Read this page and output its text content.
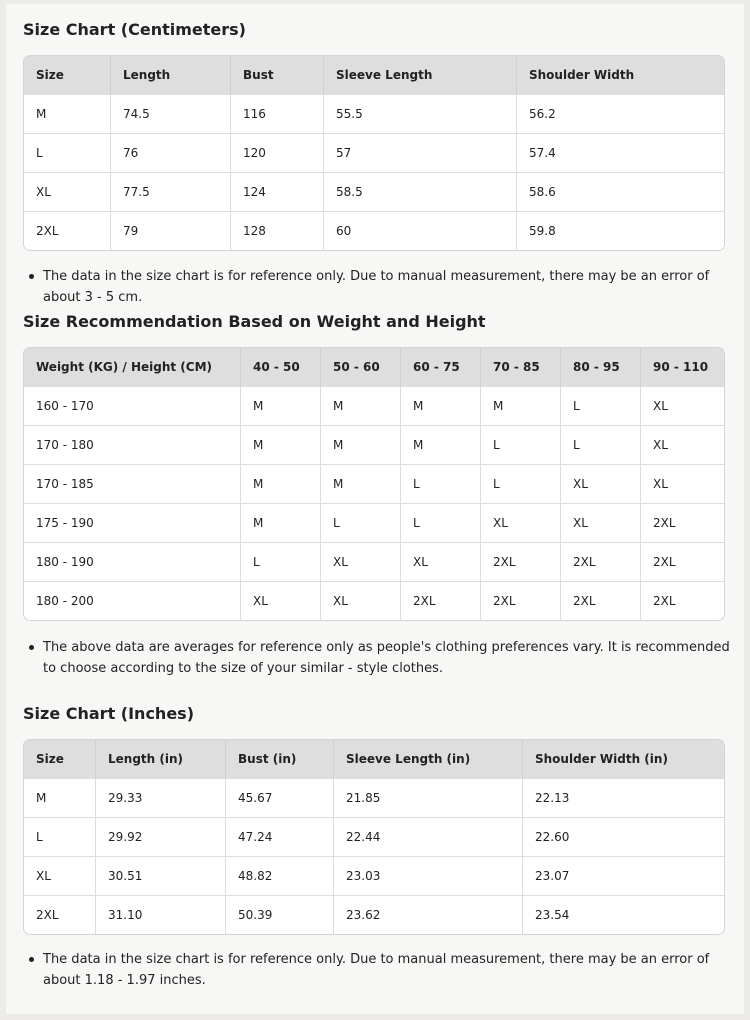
Size Chart (Centimeters)
Size	Length	Bust	Sleeve Length	Shoulder Width
M	74.5	116	55.5	56.2
L	76	120	57	57.4
XL	77.5	124	58.5	58.6
2XL	79	128	60	59.8

The data in the size chart is for reference only. Due to manual measurement, there may be an error of about 3 - 5 cm.

Size Recommendation Based on Weight and Height
Weight (KG) / Height (CM)	40 - 50	50 - 60	60 - 75	70 - 85	80 - 95	90 - 110
160 - 170	M	M	M	M	L	XL
170 - 180	M	M	M	L	L	XL
170 - 185	M	M	L	L	XL	XL
175 - 190	M	L	L	XL	XL	2XL
180 - 190	L	XL	XL	2XL	2XL	2XL
180 - 200	XL	XL	2XL	2XL	2XL	2XL

The above data are averages for reference only as people's clothing preferences vary. It is recommended to choose according to the size of your similar - style clothes.

Size Chart (Inches)
Size	Length (in)	Bust (in)	Sleeve Length (in)	Shoulder Width (in)
M	29.33	45.67	21.85	22.13
L	29.92	47.24	22.44	22.60
XL	30.51	48.82	23.03	23.07
2XL	31.10	50.39	23.62	23.54

The data in the size chart is for reference only. Due to manual measurement, there may be an error of about 1.18 - 1.97 inches.
